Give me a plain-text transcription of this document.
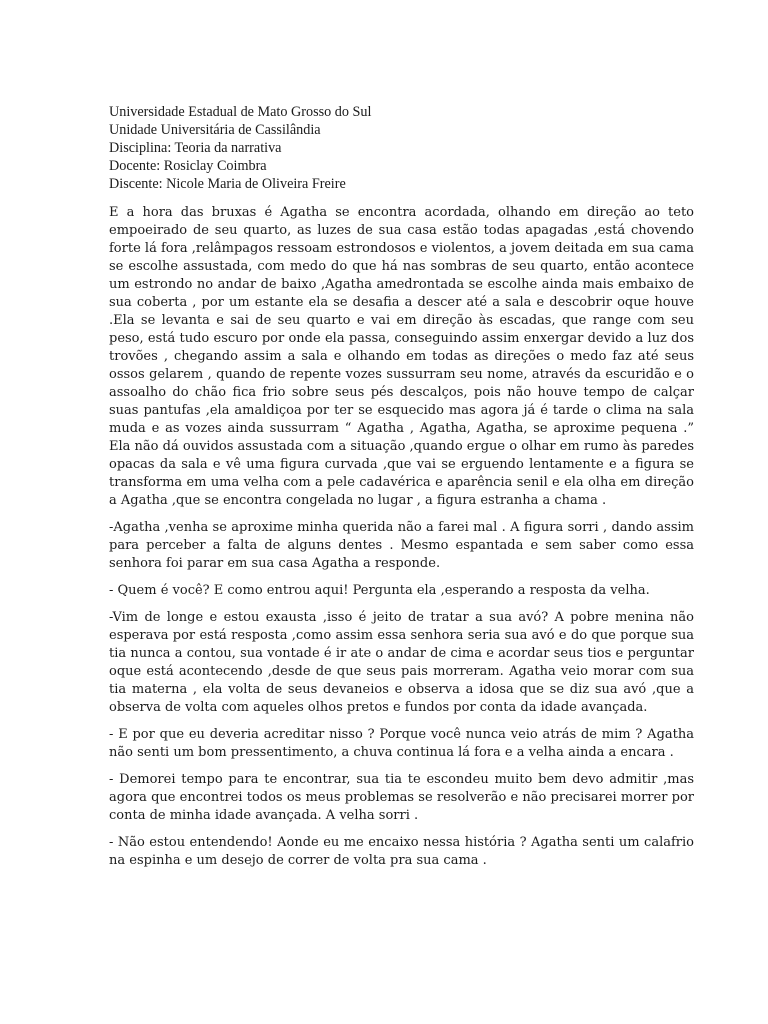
Universidade Estadual de Mato Grosso do Sul

Unidade Universitária de Cassilândia

Disciplina: Teoria da narrativa

Docente: Rosiclay Coimbra

Discente: Nicole Maria de Oliveira Freire

E a hora das bruxas é Agatha se encontra acordada, olhando em direção ao teto empoeirado de seu quarto, as luzes de sua casa estão todas apagadas ,está chovendo forte lá fora ,relâmpagos ressoam estrondosos e violentos, a jovem deitada em sua cama se escolhe assustada, com medo do que há nas sombras de seu quarto, então acontece um estrondo no andar de baixo ,Agatha amedrontada se escolhe ainda mais embaixo de sua coberta , por um estante ela se desafia a descer até a sala e descobrir oque houve .Ela se levanta e sai de seu quarto e vai em direção às escadas, que range com seu peso, está tudo escuro por onde ela passa, conseguindo assim enxergar devido a luz dos trovões , chegando assim a sala e olhando em todas as direções o medo faz até seus ossos gelarem , quando de repente vozes sussurram seu nome, através da escuridão e o assoalho do chão fica frio sobre seus pés descalços, pois não houve tempo de calçar suas pantufas ,ela amaldiçoa por ter se esquecido mas agora já é tarde o clima na sala muda e as vozes ainda sussurram “ Agatha , Agatha, Agatha, se aproxime pequena .” Ela não dá ouvidos assustada com a situação ,quando ergue o olhar em rumo às paredes opacas da sala e vê uma figura curvada ,que vai se erguendo lentamente e a figura se transforma em uma velha com a pele cadavérica e aparência senil e ela olha em direção a Agatha ,que se encontra congelada no lugar , a figura estranha a chama .

-Agatha ,venha se aproxime minha querida não a farei mal . A figura sorri , dando assim para perceber a falta de alguns dentes . Mesmo espantada e sem saber como essa senhora foi parar em sua casa Agatha a responde.

- Quem é você? E como entrou aqui! Pergunta ela ,esperando a resposta da velha.

-Vim de longe e estou exausta ,isso é jeito de tratar a sua avó? A pobre menina não esperava por está resposta ,como assim essa senhora seria sua avó e do que porque sua tia nunca a contou, sua vontade é ir ate o andar de cima e acordar seus tios e perguntar oque está acontecendo ,desde de que seus pais morreram. Agatha veio morar com sua tia materna , ela volta de seus devaneios e observa a idosa que se diz sua avó ,que a observa de volta com aqueles olhos pretos e fundos por conta da idade avançada.

- E por que eu deveria acreditar nisso ? Porque você nunca veio atrás de mim ? Agatha não senti um bom pressentimento, a chuva continua lá fora e a velha ainda a encara .

- Demorei tempo para te encontrar, sua tia te escondeu muito bem devo admitir ,mas agora que encontrei todos os meus problemas se resolverão e não precisarei morrer por conta de minha idade avançada. A velha sorri .

- Não estou entendendo! Aonde eu me encaixo nessa história ? Agatha senti um calafrio na espinha e um desejo de correr de volta pra sua cama .
